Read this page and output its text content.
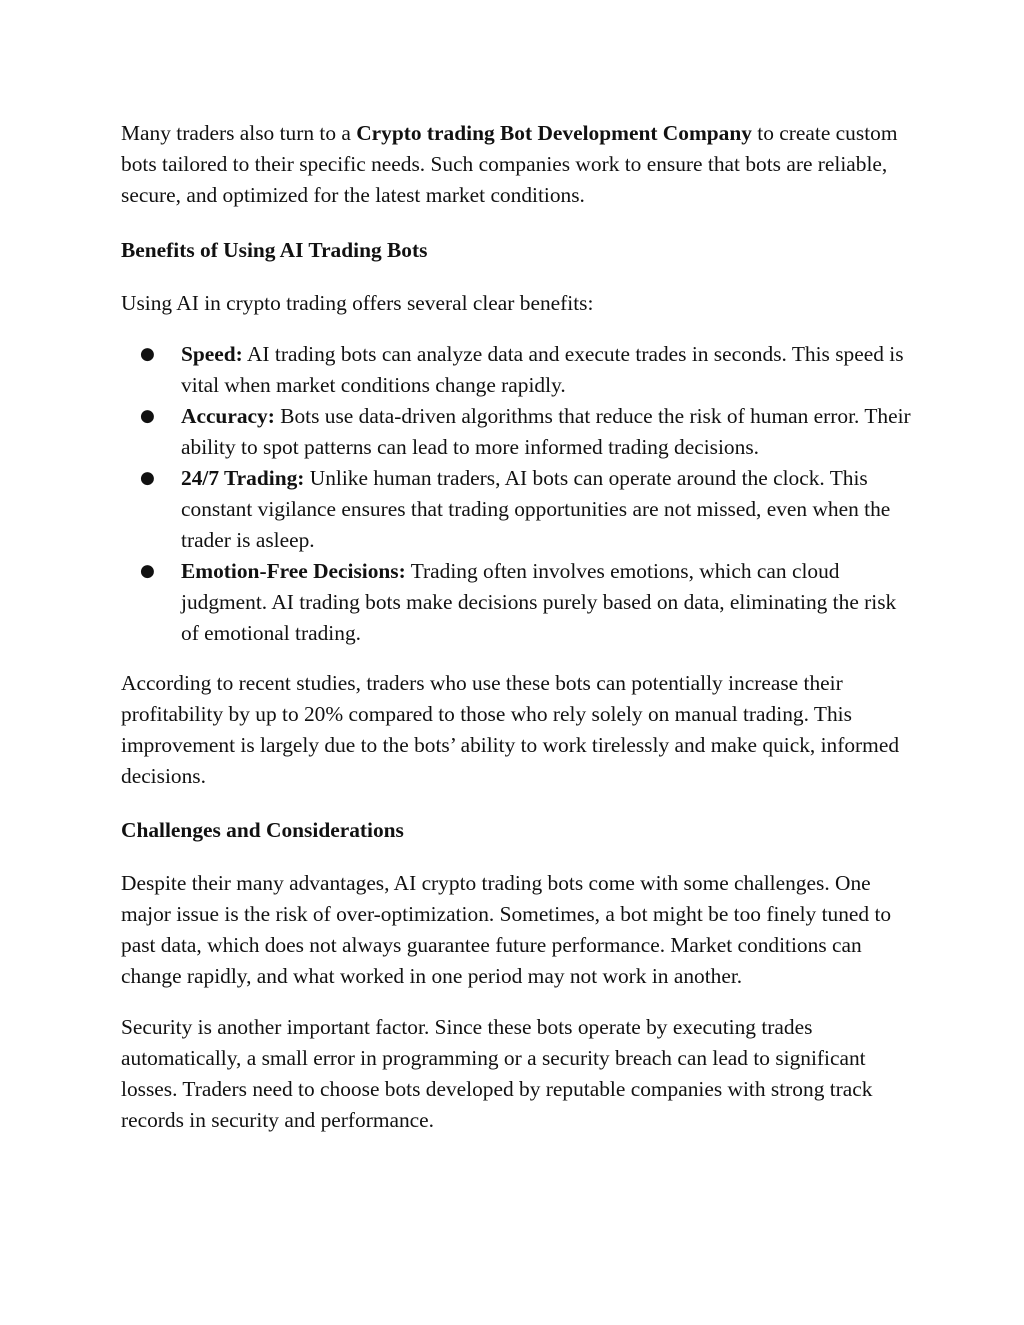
Many traders also turn to a Crypto trading Bot Development Company to create custom bots tailored to their specific needs. Such companies work to ensure that bots are reliable, secure, and optimized for the latest market conditions.

Benefits of Using AI Trading Bots

Using AI in crypto trading offers several clear benefits:

● Speed: AI trading bots can analyze data and execute trades in seconds. This speed is vital when market conditions change rapidly.
● Accuracy: Bots use data-driven algorithms that reduce the risk of human error. Their ability to spot patterns can lead to more informed trading decisions.
● 24/7 Trading: Unlike human traders, AI bots can operate around the clock. This constant vigilance ensures that trading opportunities are not missed, even when the trader is asleep.
● Emotion-Free Decisions: Trading often involves emotions, which can cloud judgment. AI trading bots make decisions purely based on data, eliminating the risk of emotional trading.

According to recent studies, traders who use these bots can potentially increase their profitability by up to 20% compared to those who rely solely on manual trading. This improvement is largely due to the bots’ ability to work tirelessly and make quick, informed decisions.

Challenges and Considerations

Despite their many advantages, AI crypto trading bots come with some challenges. One major issue is the risk of over-optimization. Sometimes, a bot might be too finely tuned to past data, which does not always guarantee future performance. Market conditions can change rapidly, and what worked in one period may not work in another.

Security is another important factor. Since these bots operate by executing trades automatically, a small error in programming or a security breach can lead to significant losses. Traders need to choose bots developed by reputable companies with strong track records in security and performance.
